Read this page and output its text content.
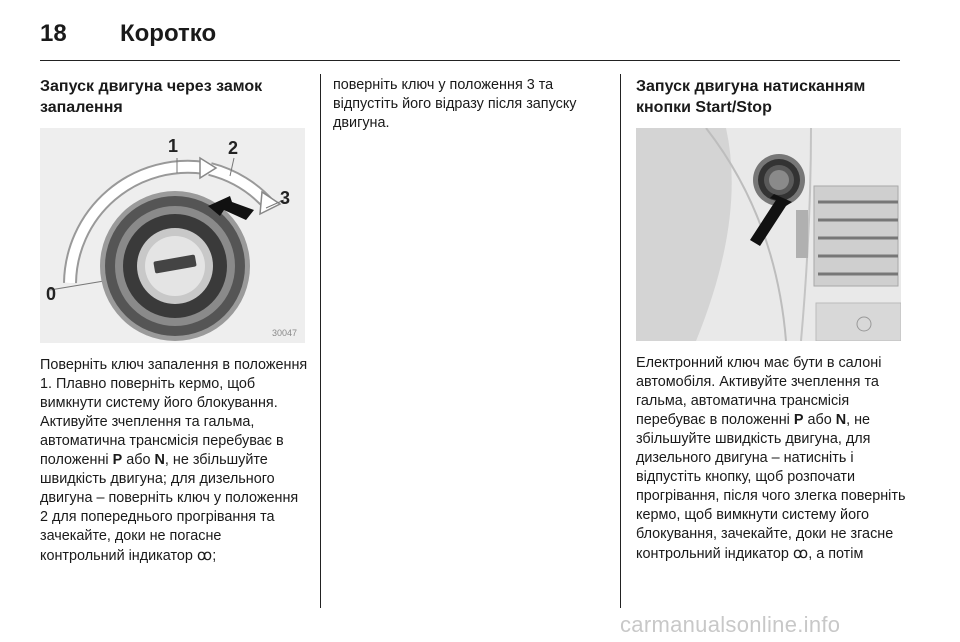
18 Коротко
Запуск двигуна через замок запалення
0
1	2
3
30047

Поверніть ключ запалення в положення 1. Плавно поверніть кермо, щоб вимкнути систему його блокування. Активуйте зчеплення та гальма, автоматична трансмісія перебуває в положенні P або N, не збільшуйте швидкість двигуна; для дизельного двигуна – поверніть ключ у положення 2 для попереднього прогрівання та зачекайте, доки не погасне контрольний індикатор ꝏ;

поверніть ключ у положення 3 та відпустіть його відразу після запуску двигуна.

Запуск двигуна натисканням кнопки Start/Stop

Електронний ключ має бути в салоні автомобіля. Активуйте зчеплення та гальма, автоматична трансмісія перебуває в положенні P або N, не збільшуйте швидкість двигуна, для дизельного двигуна – натисніть і відпустіть кнопку, щоб розпочати прогрівання, після чого злегка поверніть кермо, щоб вимкнути систему його блокування, зачекайте, доки не згасне контрольний індикатор ꝏ, а потім

carmanualsonline.info
